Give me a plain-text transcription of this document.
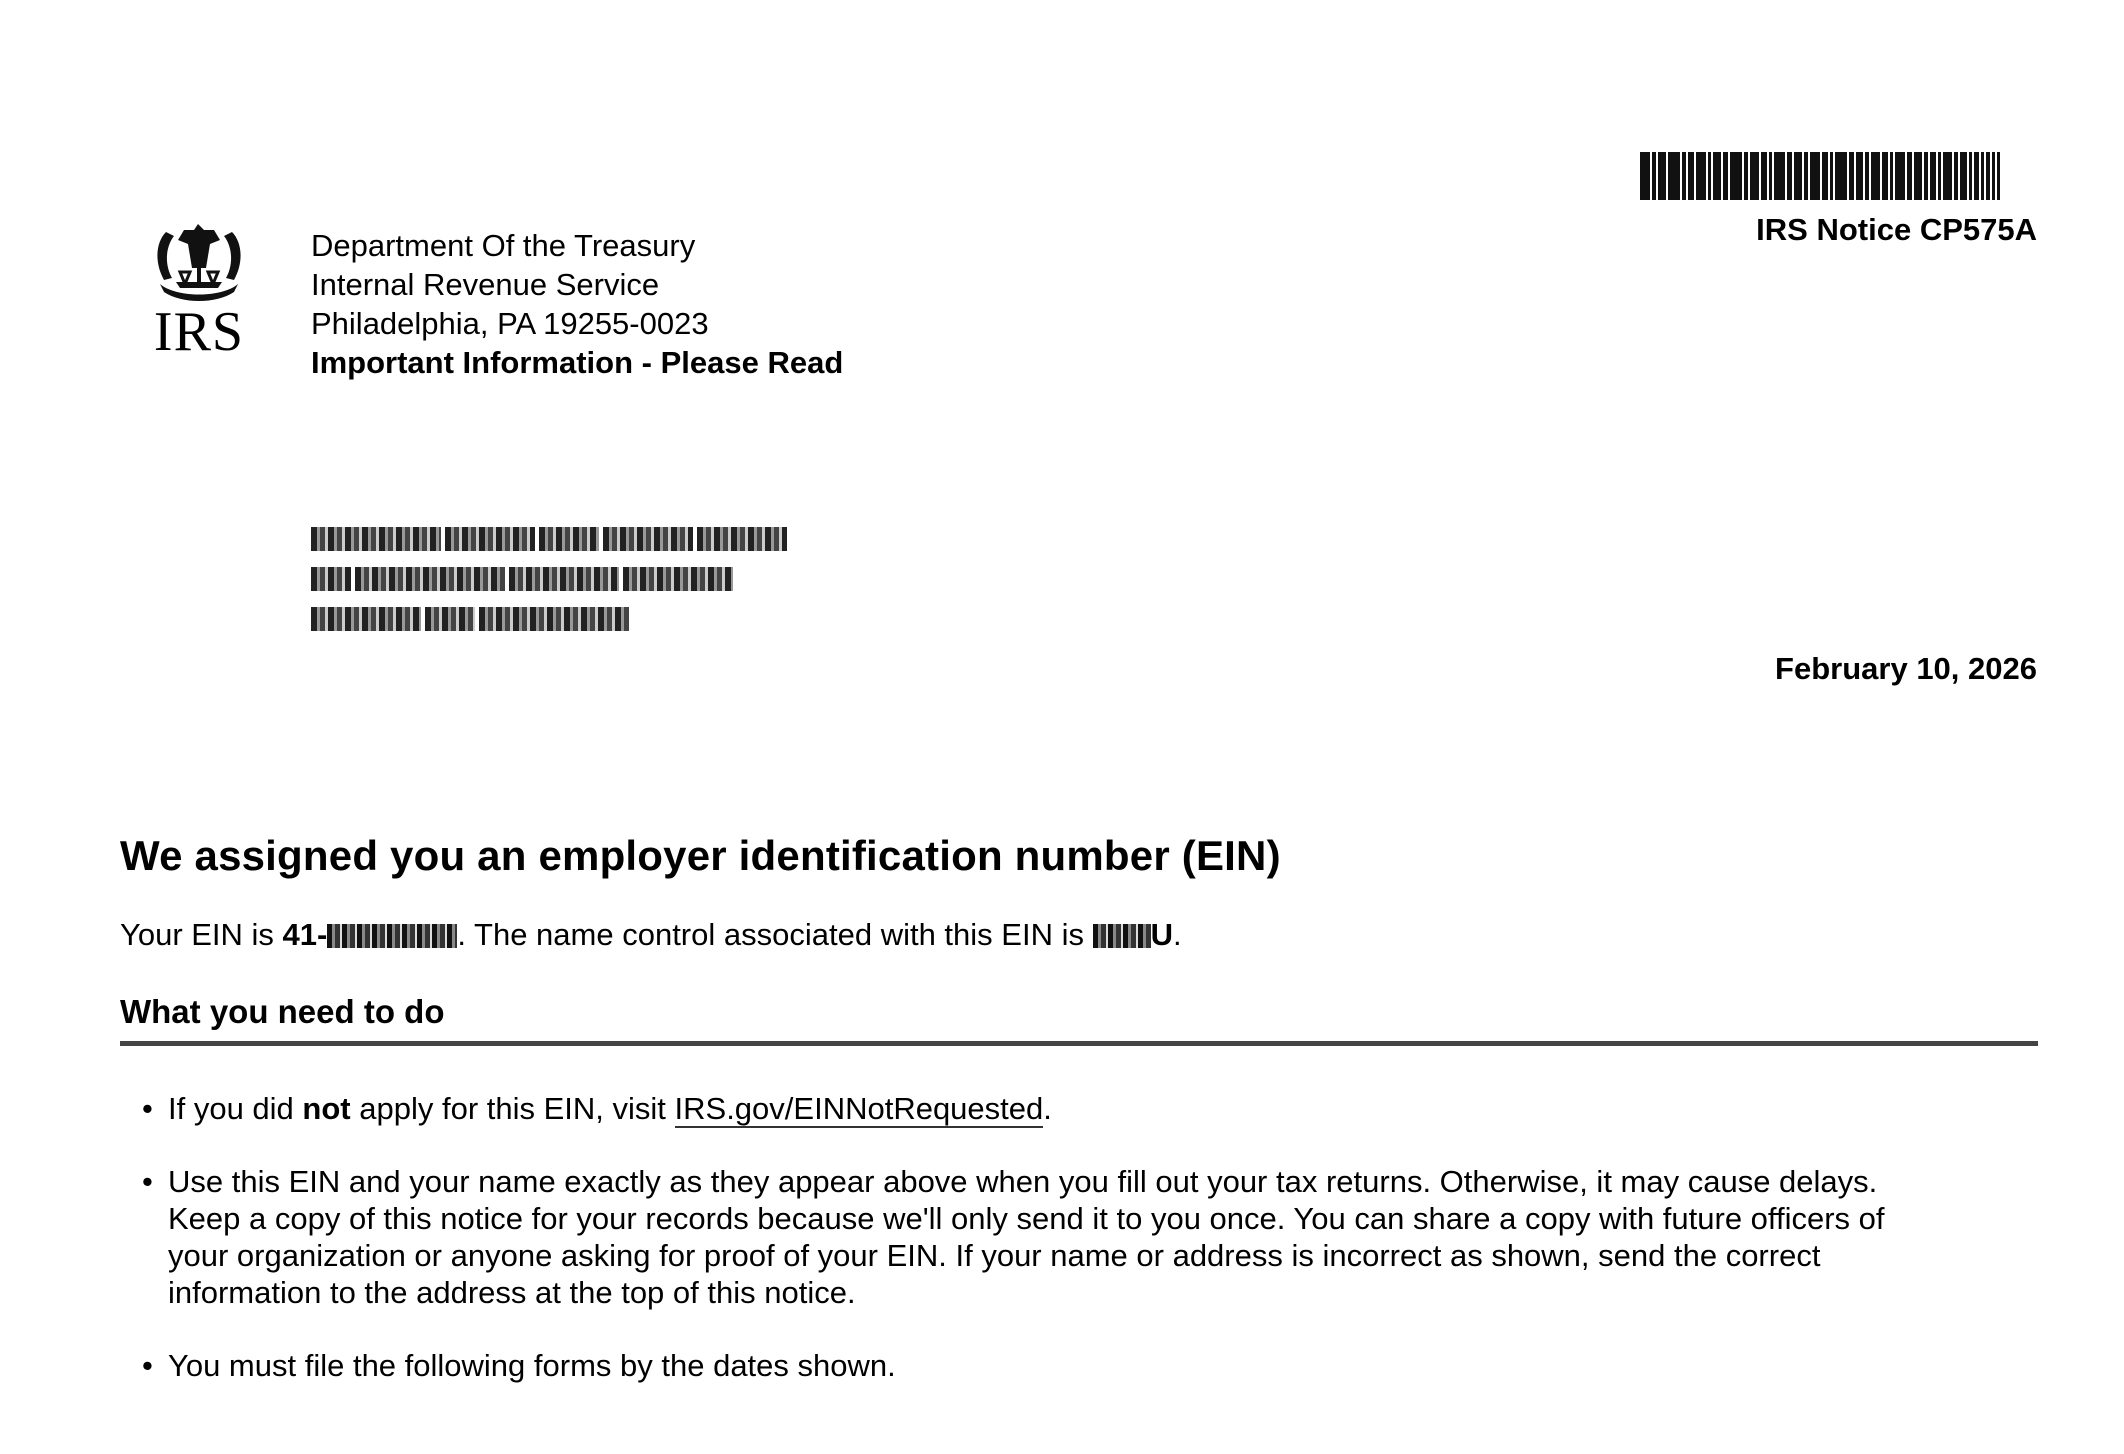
IRS Notice CP575A
IRS
Department Of the Treasury
Internal Revenue Service
Philadelphia, PA 19255-0023
Important Information - Please Read
February 10, 2026
We assigned you an employer identification number (EIN)
Your EIN is 41-	. The name control associated with this EIN is U.
What you need to do
• If you did not apply for this EIN, visit IRS.gov/EINNotRequested.
• Use this EIN and your name exactly as they appear above when you fill out your tax returns. Otherwise, it may cause delays.
Keep a copy of this notice for your records because we'll only send it to you once. You can share a copy with future officers of
your organization or anyone asking for proof of your EIN. If your name or address is incorrect as shown, send the correct
information to the address at the top of this notice.
• You must file the following forms by the dates shown.
